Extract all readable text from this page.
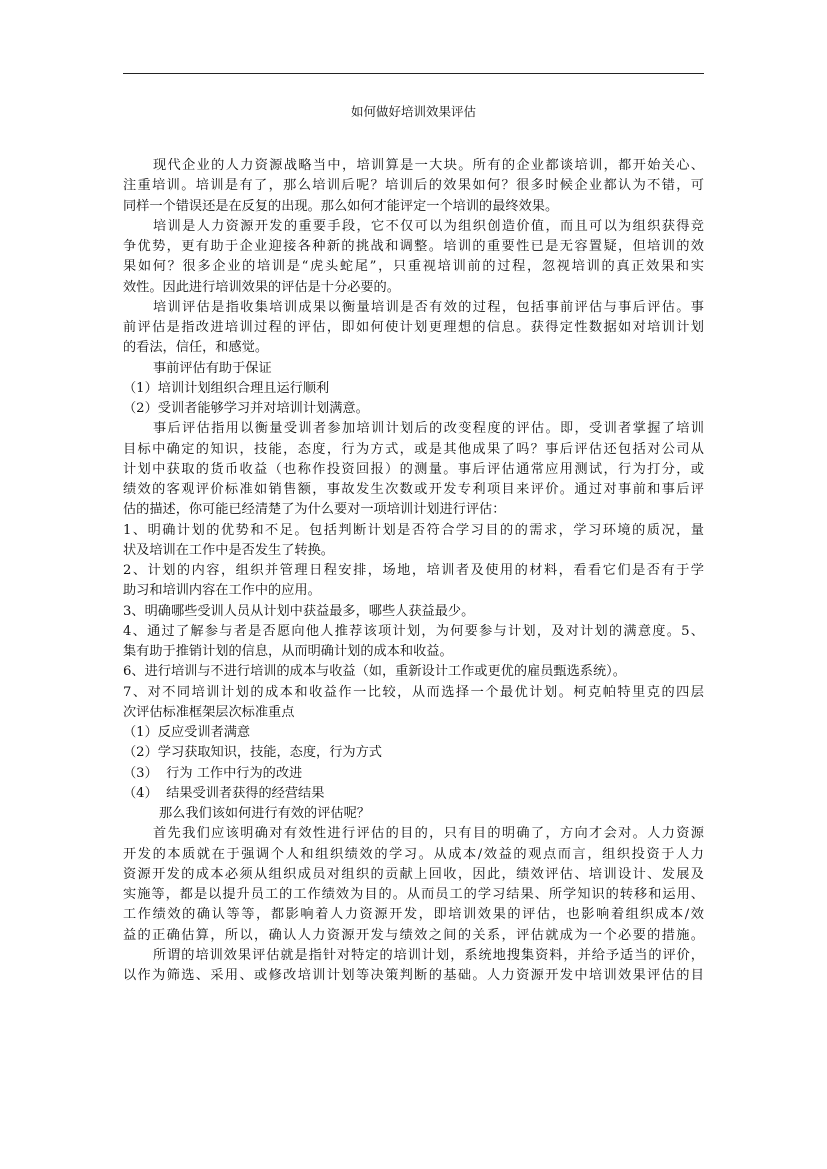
如何做好培训效果评估
现代企业的人力资源战略当中，培训算是一大块。所有的企业都谈培训，都开始关心、
注重培训。培训是有了，那么培训后呢？培训后的效果如何？很多时候企业都认为不错，可
同样一个错误还是在反复的出现。那么如何才能评定一个培训的最终效果。
培训是人力资源开发的重要手段，它不仅可以为组织创造价值，而且可以为组织获得竞
争优势，更有助于企业迎接各种新的挑战和调整。培训的重要性已是无容置疑，但培训的效
果如何？很多企业的培训是“虎头蛇尾”，只重视培训前的过程，忽视培训的真正效果和实
效性。因此进行培训效果的评估是十分必要的。
培训评估是指收集培训成果以衡量培训是否有效的过程，包括事前评估与事后评估。事
前评估是指改进培训过程的评估，即如何使计划更理想的信息。获得定性数据如对培训计划
的看法，信任，和感觉。
事前评估有助于保证
（1）培训计划组织合理且运行顺利
（2）受训者能够学习并对培训计划满意。
事后评估指用以衡量受训者参加培训计划后的改变程度的评估。即，受训者掌握了培训
目标中确定的知识，技能，态度，行为方式，或是其他成果了吗？事后评估还包括对公司从
计划中获取的货币收益（也称作投资回报）的测量。事后评估通常应用测试，行为打分，或
绩效的客观评价标准如销售额，事故发生次数或开发专利项目来评价。通过对事前和事后评
估的描述，你可能已经清楚了为什么要对一项培训计划进行评估：
1、明确计划的优势和不足。包括判断计划是否符合学习目的的需求，学习环境的质况，量
状及培训在工作中是否发生了转换。
2、计划的内容，组织并管理日程安排，场地，培训者及使用的材料，看看它们是否有于学
助习和培训内容在工作中的应用。
3、明确哪些受训人员从计划中获益最多，哪些人获益最少。
4、通过了解参与者是否愿向他人推荐该项计划，为何要参与计划，及对计划的满意度。5、
集有助于推销计划的信息，从而明确计划的成本和收益。
6、进行培训与不进行培训的成本与收益（如，重新设计工作或更优的雇员甄选系统）。
7、对不同培训计划的成本和收益作一比较，从而选择一个最优计划。柯克帕特里克的四层
次评估标准框架层次标准重点
（1）反应受训者满意
（2）学习获取知识，技能，态度，行为方式
（3）  行为 工作中行为的改进
（4）  结果受训者获得的经营结果
那么我们该如何进行有效的评估呢？
首先我们应该明确对有效性进行评估的目的，只有目的明确了，方向才会对。人力资源
开发的本质就在于强调个人和组织绩效的学习。从成本/效益的观点而言，组织投资于人力
资源开发的成本必须从组织成员对组织的贡献上回收，因此，绩效评估、培训设计、发展及
实施等，都是以提升员工的工作绩效为目的。从而员工的学习结果、所学知识的转移和运用、
工作绩效的确认等等，都影响着人力资源开发，即培训效果的评估，也影响着组织成本/效
益的正确估算，所以，确认人力资源开发与绩效之间的关系，评估就成为一个必要的措施。
所谓的培训效果评估就是指针对特定的培训计划，系统地搜集资料，并给予适当的评价，
以作为筛选、采用、或修改培训计划等决策判断的基础。人力资源开发中培训效果评估的目
